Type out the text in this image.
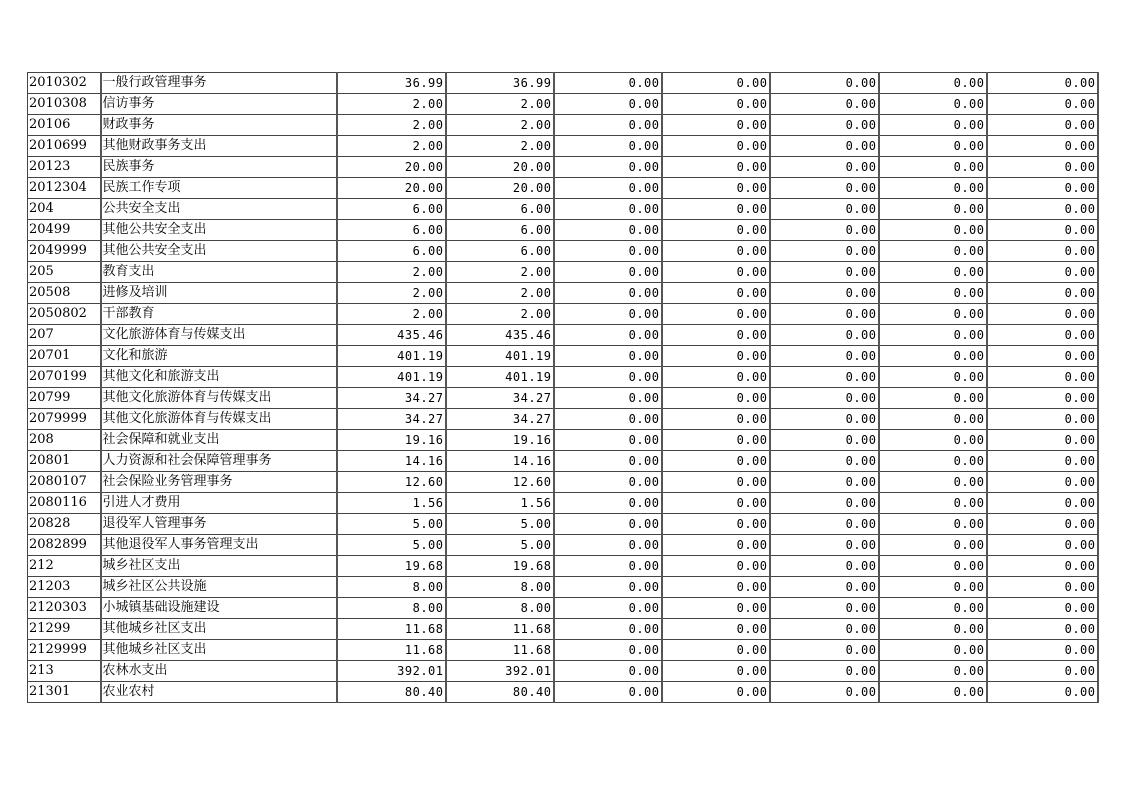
2010302	一般行政管理事务	36.99	36.99	0.00	0.00	0.00	0.00	0.00
2010308	信访事务	2.00	2.00	0.00	0.00	0.00	0.00	0.00
20106	财政事务	2.00	2.00	0.00	0.00	0.00	0.00	0.00
2010699	其他财政事务支出	2.00	2.00	0.00	0.00	0.00	0.00	0.00
20123	民族事务	20.00	20.00	0.00	0.00	0.00	0.00	0.00
2012304	民族工作专项	20.00	20.00	0.00	0.00	0.00	0.00	0.00
204	公共安全支出	6.00	6.00	0.00	0.00	0.00	0.00	0.00
20499	其他公共安全支出	6.00	6.00	0.00	0.00	0.00	0.00	0.00
2049999	其他公共安全支出	6.00	6.00	0.00	0.00	0.00	0.00	0.00
205	教育支出	2.00	2.00	0.00	0.00	0.00	0.00	0.00
20508	进修及培训	2.00	2.00	0.00	0.00	0.00	0.00	0.00
2050802	干部教育	2.00	2.00	0.00	0.00	0.00	0.00	0.00
207	文化旅游体育与传媒支出	435.46	435.46	0.00	0.00	0.00	0.00	0.00
20701	文化和旅游	401.19	401.19	0.00	0.00	0.00	0.00	0.00
2070199	其他文化和旅游支出	401.19	401.19	0.00	0.00	0.00	0.00	0.00
20799	其他文化旅游体育与传媒支出	34.27	34.27	0.00	0.00	0.00	0.00	0.00
2079999	其他文化旅游体育与传媒支出	34.27	34.27	0.00	0.00	0.00	0.00	0.00
208	社会保障和就业支出	19.16	19.16	0.00	0.00	0.00	0.00	0.00
20801	人力资源和社会保障管理事务	14.16	14.16	0.00	0.00	0.00	0.00	0.00
2080107	社会保险业务管理事务	12.60	12.60	0.00	0.00	0.00	0.00	0.00
2080116	引进人才费用	1.56	1.56	0.00	0.00	0.00	0.00	0.00
20828	退役军人管理事务	5.00	5.00	0.00	0.00	0.00	0.00	0.00
2082899	其他退役军人事务管理支出	5.00	5.00	0.00	0.00	0.00	0.00	0.00
212	城乡社区支出	19.68	19.68	0.00	0.00	0.00	0.00	0.00
21203	城乡社区公共设施	8.00	8.00	0.00	0.00	0.00	0.00	0.00
2120303	小城镇基础设施建设	8.00	8.00	0.00	0.00	0.00	0.00	0.00
21299	其他城乡社区支出	11.68	11.68	0.00	0.00	0.00	0.00	0.00
2129999	其他城乡社区支出	11.68	11.68	0.00	0.00	0.00	0.00	0.00
213	农林水支出	392.01	392.01	0.00	0.00	0.00	0.00	0.00
21301	农业农村	80.40	80.40	0.00	0.00	0.00	0.00	0.00
